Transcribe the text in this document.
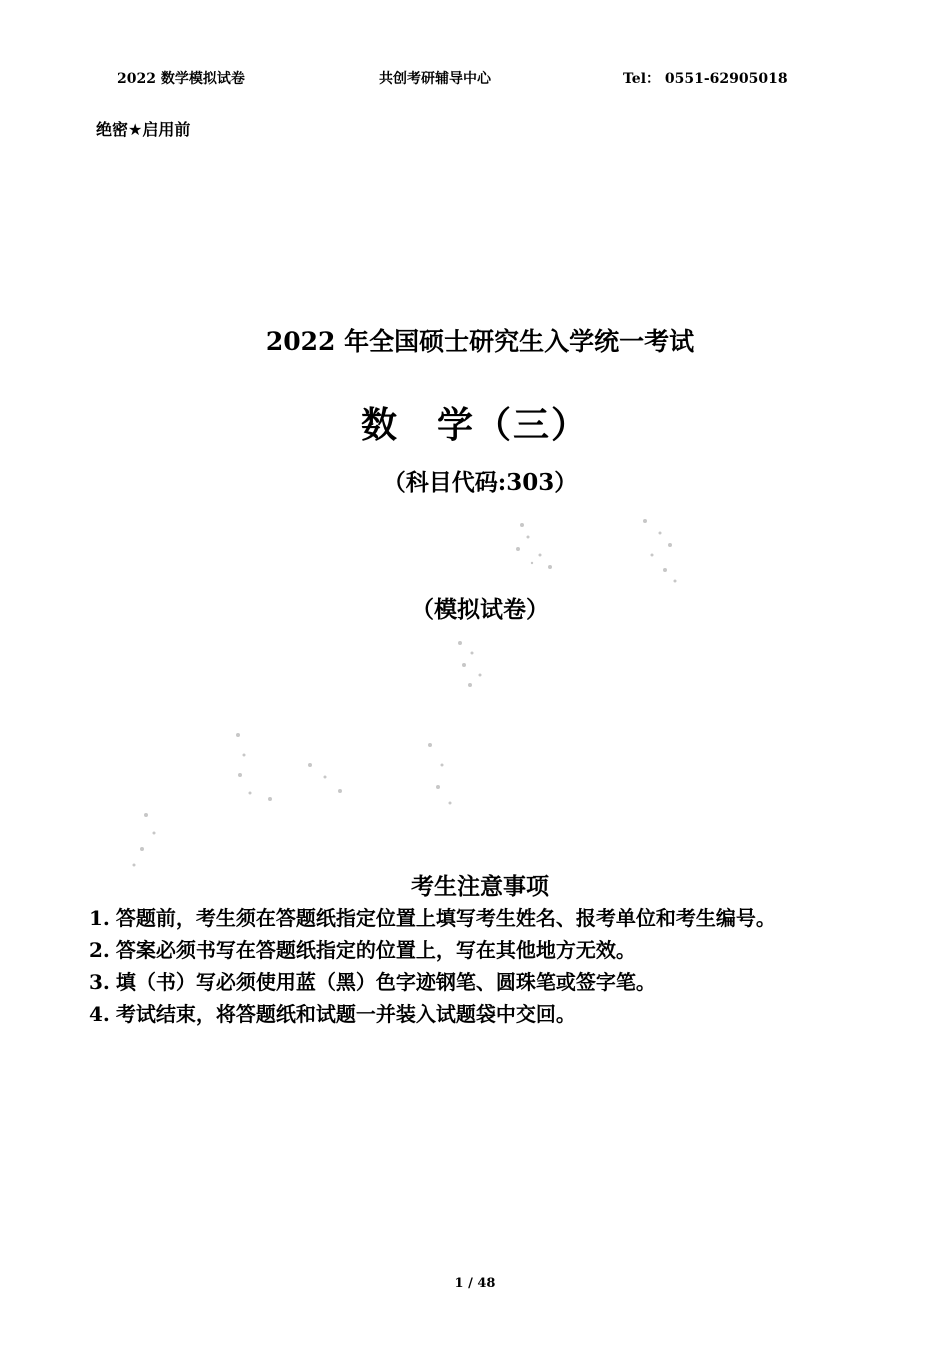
2022 数学模拟试卷	共创考研辅导中心	Tel： 0551-62905018
绝密★启用前
2022 年全国硕士研究生入学统一考试
数　学（三）
（科目代码:303）
（模拟试卷）
考生注意事项
1. 答题前，考生须在答题纸指定位置上填写考生姓名、报考单位和考生编号。
2. 答案必须书写在答题纸指定的位置上，写在其他地方无效。
3. 填（书）写必须使用蓝（黑）色字迹钢笔、圆珠笔或签字笔。
4. 考试结束，将答题纸和试题一并装入试题袋中交回。
1 / 48
